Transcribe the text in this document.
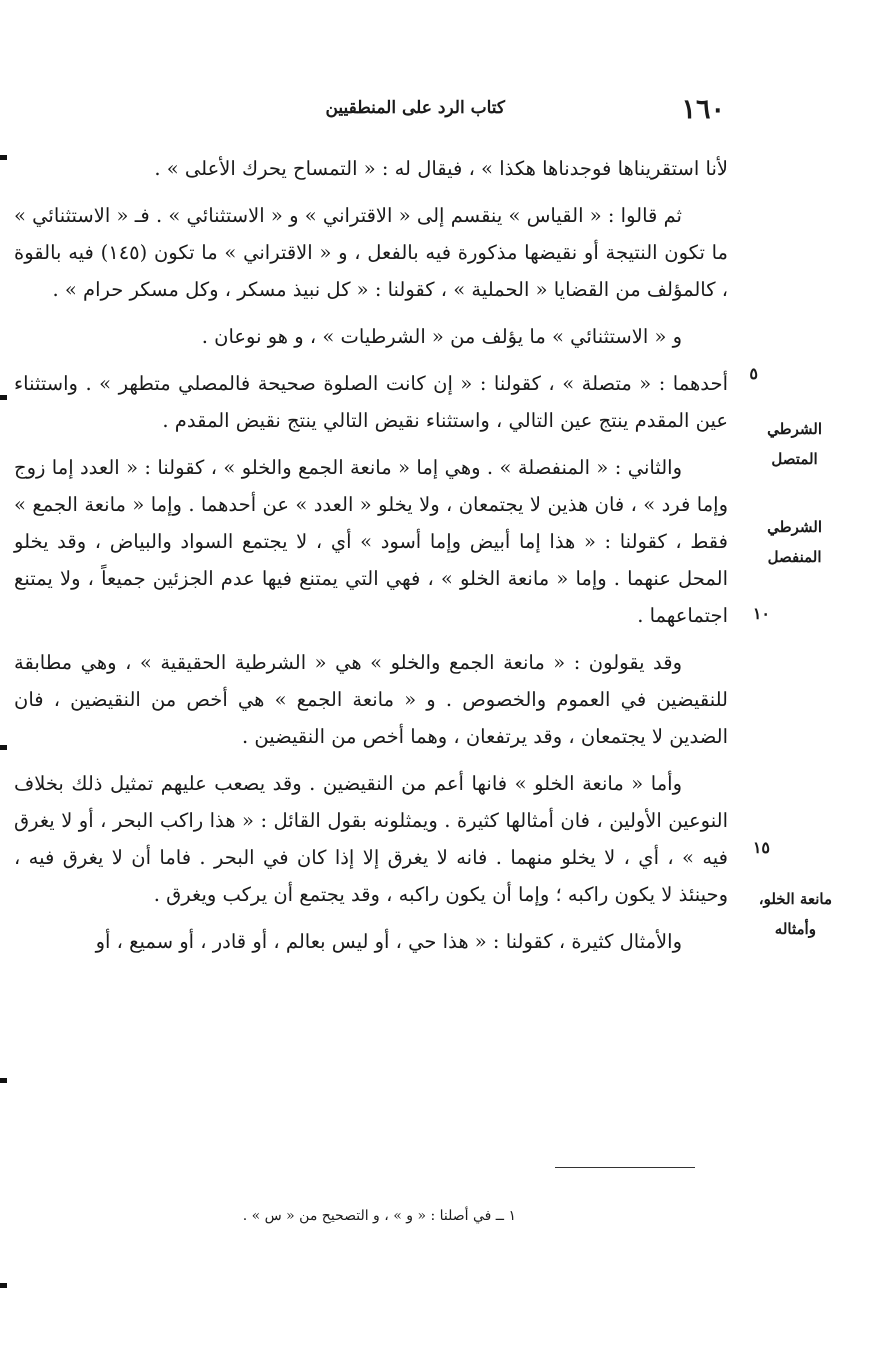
١٦٠
كتاب الرد على المنطقيين

لأنا استقريناها فوجدناها هكذا » ، فيقال له : « التمساح يحرك الأعلى » .

ثم قالوا : « القياس » ينقسم إلى « الاقتراني » و « الاستثنائي » . فـ « الاستثنائي » ما تكون النتيجة أو نقيضها مذكورة فيه بالفعل ، و « الاقتراني » ما تكون (١٤٥) فيه بالقوة ، كالمؤلف من القضايا « الحملية » ، كقولنا : « كل نبيذ مسكر ، وكل مسكر حرام » .

و « الاستثنائي » ما يؤلف من « الشرطيات » ، و هو نوعان .

أحدهما : « متصلة » ، كقولنا : « إن كانت الصلوة صحيحة فالمصلي متطهر » . واستثناء عين المقدم ينتج عين التالي ، واستثناء نقيض التالي ينتج نقيض المقدم .

والثاني : « المنفصلة » . وهي إما « مانعة الجمع والخلو » ، كقولنا : « العدد إما زوج وإما فرد » ، فان هذين لا يجتمعان ، ولا يخلو « العدد » عن أحدهما . وإما « مانعة الجمع » فقط ، كقولنا : « هذا إما أبيض وإما أسود » أي ، لا يجتمع السواد والبياض ، وقد يخلو المحل عنهما . وإما « مانعة الخلو » ، فهي التي يمتنع فيها عدم الجزئين جميعاً ، ولا يمتنع اجتماعهما .

وقد يقولون : « مانعة الجمع والخلو » هي « الشرطية الحقيقية » ، وهي مطابقة للنقيضين في العموم والخصوص . و « مانعة الجمع » هي أخص من النقيضين ، فان الضدين لا يجتمعان ، وقد يرتفعان ، وهما أخص من النقيضين .

وأما « مانعة الخلو » فانها أعم من النقيضين . وقد يصعب عليهم تمثيل ذلك بخلاف النوعين الأولين ، فان أمثالها كثيرة . ويمثلونه بقول القائل : « هذا راكب البحر ، أو لا يغرق فيه » ، أي ، لا يخلو منهما . فانه لا يغرق إلا إذا كان في البحر . فاما أن لا يغرق فيه ، وحينئذ لا يكون راكبه ؛ وإما أن يكون راكبه ، وقد يجتمع أن يركب ويغرق .

والأمثال كثيرة ، كقولنا : « هذا حي ، أو ليس بعالم ، أو قادر ، أو سميع ، أو

الشرطي
المتصل
الشرطي
المنفصل
مانعة الخلو،
وأمثاله
٥
١٠
١٥
١ ــ في أصلنا : « و » ، و التصحيح من « س » .
